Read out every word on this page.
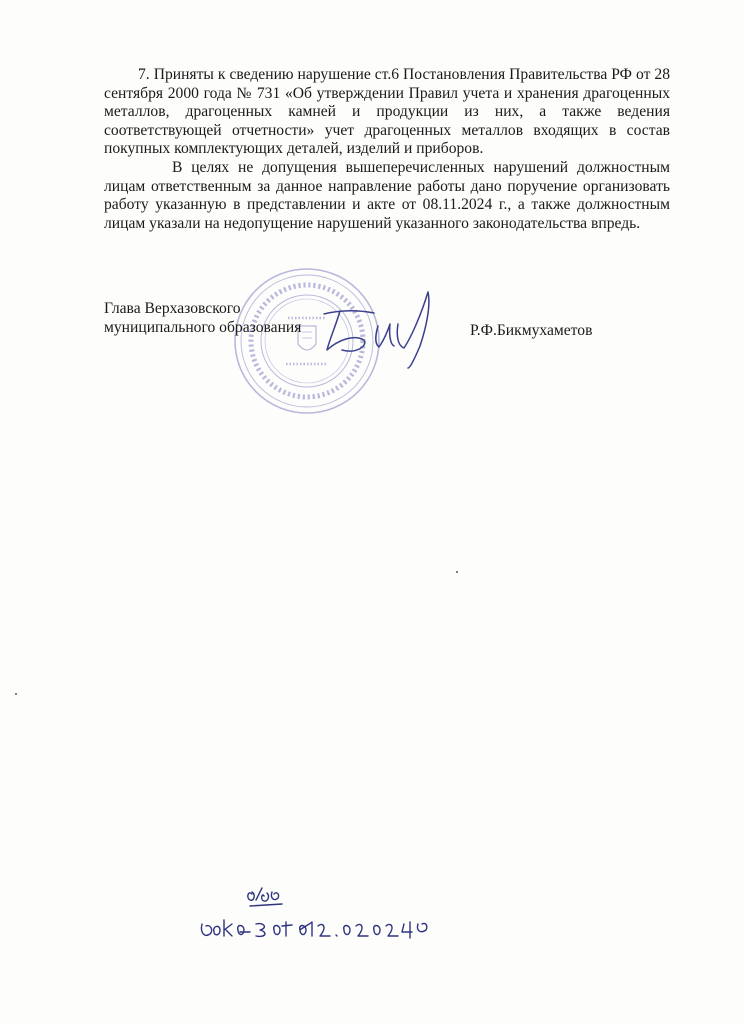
7. Приняты к сведению нарушение ст.6 Постановления Правительства РФ от 28 сентября 2000 года № 731 «Об утверждении Правил учета и хранения драгоценных металлов, драгоценных камней и продукции из них, а также ведения соответствующей отчетности» учет драгоценных металлов входящих в состав покупных комплектующих деталей, изделий и приборов.

В целях не допущения вышеперечисленных нарушений должностным лицам ответственным за данное направление работы дано поручение организовать работу указанную в представлении и акте от 08.11.2024 г., а также должностным лицам указали на недопущение нарушений указанного законодательства впредь.

Глава Верхазовского
муниципального образования	Р.Ф.Бикмухаметов
